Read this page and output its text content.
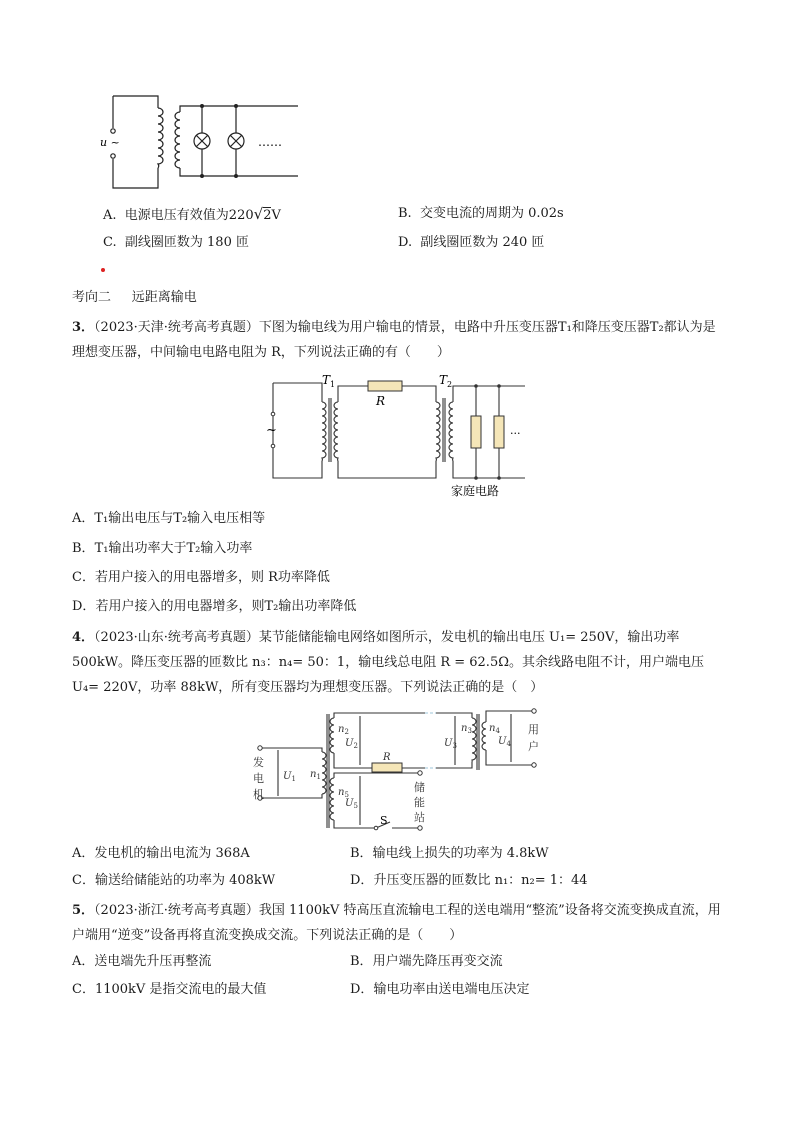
u ~	……
A. 电源电压有效值为220√2V	B. 交变电流的周期为 0.02s
C. 副线圈匝数为 180 匝	D. 副线圈匝数为 240 匝
考向二 远距离输电
3．（2023·天津·统考高考真题）下图为输电线为用户输电的情景，电路中升压变压器T₁和降压变压器T₂都认为是理想变压器，中间输电电路电阻为 R，下列说法正确的有（　　）
~
$T_1$	$T_2$
R
...
家庭电路
A．T₁输出电压与T₂输入电压相等
B．T₁输出功率大于T₂输入功率
C．若用户接入的用电器增多，则 R功率降低
D．若用户接入的用电器增多，则T₂输出功率降低
4．（2023·山东·统考高考真题）某节能储能输电网络如图所示，发电机的输出电压 U₁= 250V，输出功率500kW。降压变压器的匝数比 n₃：n₄= 50：1，输电线总电阻 R = 62.5Ω。其余线路电阻不计，用户端电压 U₄= 220V，功率 88kW，所有变压器均为理想变压器。下列说法正确的是（　）
发
电
机
用
户
储
能
站
$n_1$
$n_2$	$n_3$ $n_4$
$n_5$
$U_1$
$U_2$	$U_3$	$U_4$
$U_5$
R
S
A．发电机的输出电流为 368A	B．输电线上损失的功率为 4.8kW
C．输送给储能站的功率为 408kW	D．升压变压器的匝数比 n₁：n₂= 1：44
5．（2023·浙江·统考高考真题）我国 1100kV 特高压直流输电工程的送电端用“整流”设备将交流变换成直流，用户端用“逆变”设备再将直流变换成交流。下列说法正确的是（　　）
A．送电端先升压再整流	B．用户端先降压再变交流
C．1100kV 是指交流电的最大值	D．输电功率由送电端电压决定
